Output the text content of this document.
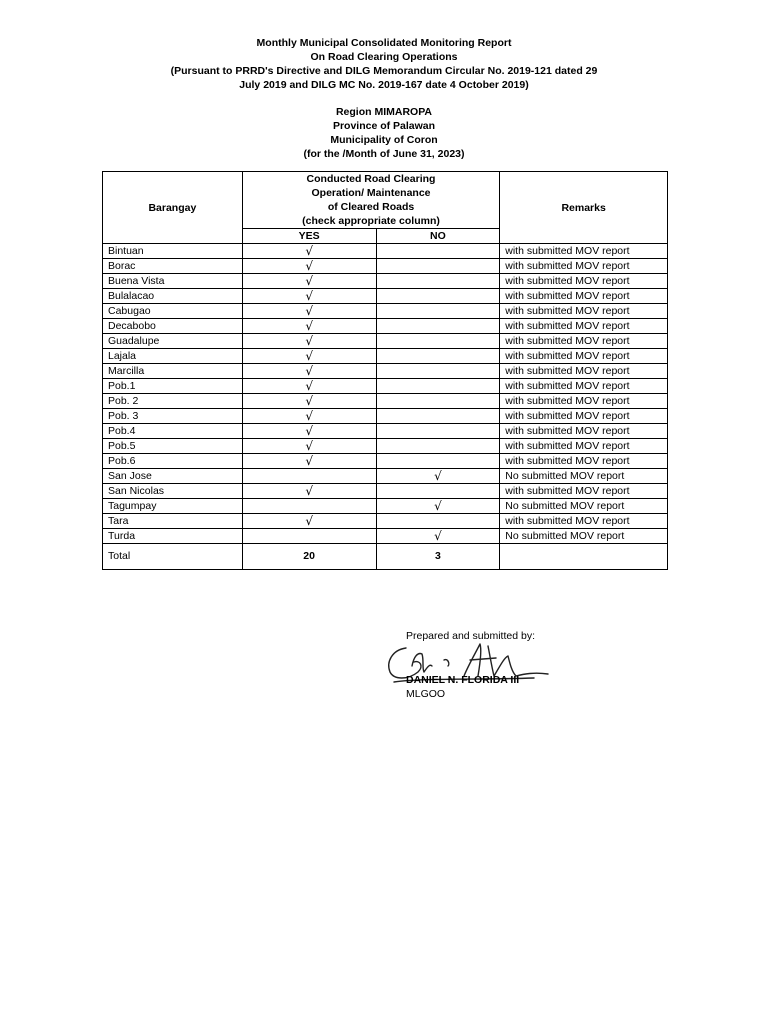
Monthly Municipal Consolidated Monitoring Report
On Road Clearing Operations
(Pursuant to PRRD's Directive and DILG Memorandum Circular No. 2019-121 dated 29
July 2019 and DILG MC No. 2019-167 date 4 October 2019)
Region MIMAROPA
Province of Palawan
Municipality of Coron
(for the /Month of June 31, 2023)
Barangay	Conducted Road Clearing
Operation/ Maintenance
of Cleared Roads
(check appropriate column)		Remarks
	YES	NO	
Bintuan	√		with submitted MOV report
Borac	√		with submitted MOV report
Buena Vista	√		with submitted MOV report
Bulalacao	√		with submitted MOV report
Cabugao	√		with submitted MOV report
Decabobo	√		with submitted MOV report
Guadalupe	√		with submitted MOV report
Lajala	√		with submitted MOV report
Marcilla	√		with submitted MOV report
Pob.1	√		with submitted MOV report
Pob. 2	√		with submitted MOV report
Pob. 3	√		with submitted MOV report
Pob.4	√		with submitted MOV report
Pob.5	√		with submitted MOV report
Pob.6	√		with submitted MOV report
San Jose		√	No submitted MOV report
San Nicolas	√		with submitted MOV report
Tagumpay		√	No submitted MOV report
Tara	√		with submitted MOV report
Turda		√	No submitted MOV report
Total	20	3	
Prepared and submitted by:
DANIEL N. FLORIDA III
MLGOO
